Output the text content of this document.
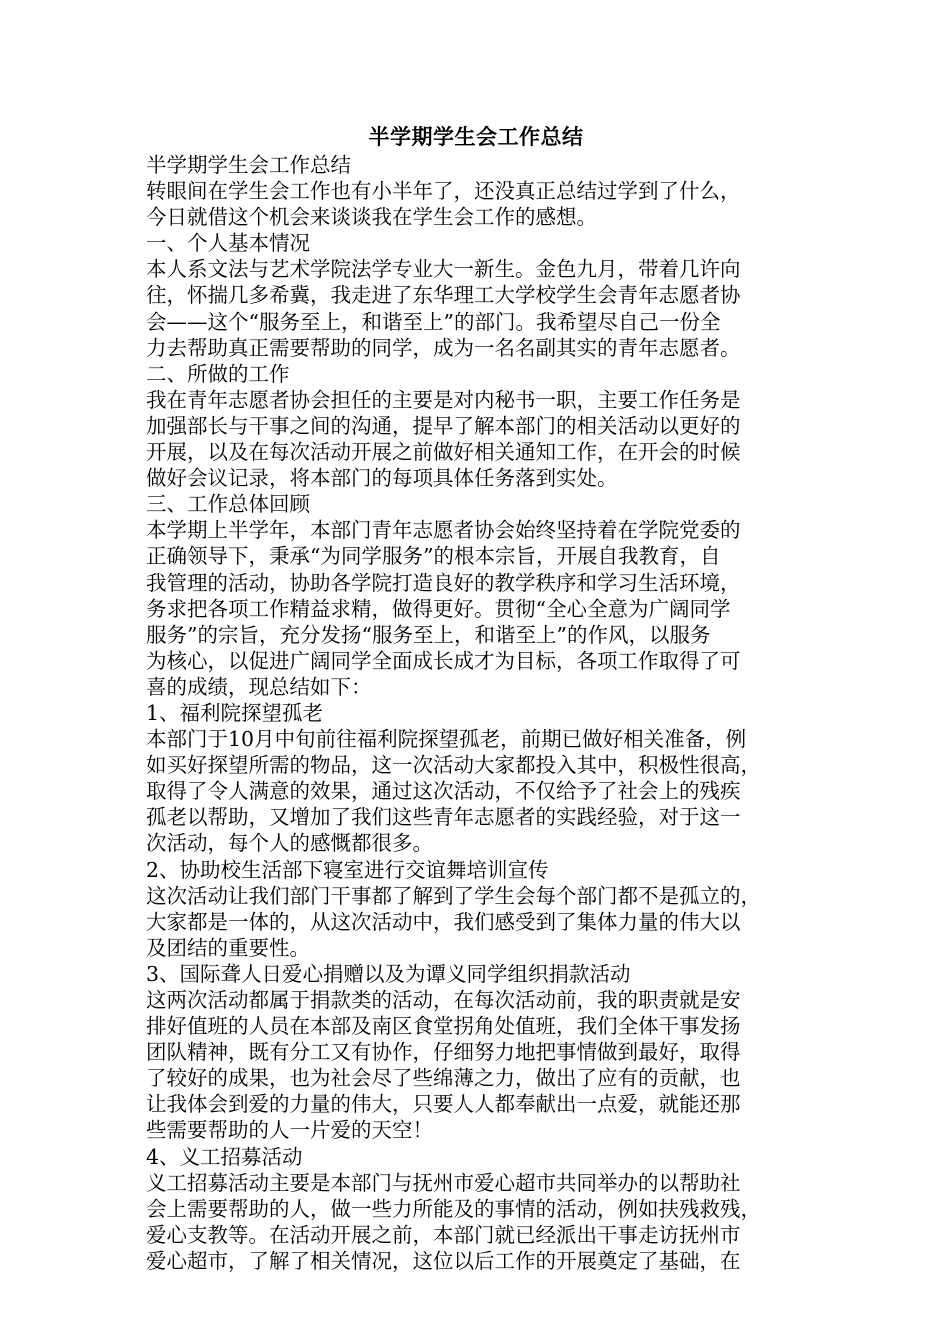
半学期学生会工作总结
半学期学生会工作总结
转眼间在学生会工作也有小半年了，还没真正总结过学到了什么，
今日就借这个机会来谈谈我在学生会工作的感想。
一、个人基本情况
本人系文法与艺术学院法学专业大一新生。金色九月，带着几许向
往，怀揣几多希冀，我走进了东华理工大学校学生会青年志愿者协
会——这个“服务至上，和谐至上”的部门。我希望尽自己一份全
力去帮助真正需要帮助的同学，成为一名名副其实的青年志愿者。
二、所做的工作
我在青年志愿者协会担任的主要是对内秘书一职，主要工作任务是
加强部长与干事之间的沟通，提早了解本部门的相关活动以更好的
开展，以及在每次活动开展之前做好相关通知工作，在开会的时候
做好会议记录，将本部门的每项具体任务落到实处。
三、工作总体回顾
本学期上半学年，本部门青年志愿者协会始终坚持着在学院党委的
正确领导下，秉承“为同学服务”的根本宗旨，开展自我教育，自
我管理的活动，协助各学院打造良好的教学秩序和学习生活环境，
务求把各项工作精益求精，做得更好。贯彻“全心全意为广阔同学
服务”的宗旨，充分发扬“服务至上，和谐至上”的作风，以服务
为核心，以促进广阔同学全面成长成才为目标，各项工作取得了可
喜的成绩，现总结如下：
1、福利院探望孤老
本部门于10月中旬前往福利院探望孤老，前期已做好相关准备，例
如买好探望所需的物品，这一次活动大家都投入其中，积极性很高，
取得了令人满意的效果，通过这次活动，不仅给予了社会上的残疾
孤老以帮助，又增加了我们这些青年志愿者的实践经验，对于这一
次活动，每个人的感慨都很多。
2、协助校生活部下寝室进行交谊舞培训宣传
这次活动让我们部门干事都了解到了学生会每个部门都不是孤立的，
大家都是一体的，从这次活动中，我们感受到了集体力量的伟大以
及团结的重要性。
3、国际聋人日爱心捐赠以及为谭义同学组织捐款活动
这两次活动都属于捐款类的活动，在每次活动前，我的职责就是安
排好值班的人员在本部及南区食堂拐角处值班，我们全体干事发扬
团队精神，既有分工又有协作，仔细努力地把事情做到最好，取得
了较好的成果，也为社会尽了些绵薄之力，做出了应有的贡献，也
让我体会到爱的力量的伟大，只要人人都奉献出一点爱，就能还那
些需要帮助的人一片爱的天空！
4、义工招募活动
义工招募活动主要是本部门与抚州市爱心超市共同举办的以帮助社
会上需要帮助的人，做一些力所能及的事情的活动，例如扶残救残，
爱心支教等。在活动开展之前，本部门就已经派出干事走访抚州市
爱心超市，了解了相关情况，这位以后工作的开展奠定了基础，在
